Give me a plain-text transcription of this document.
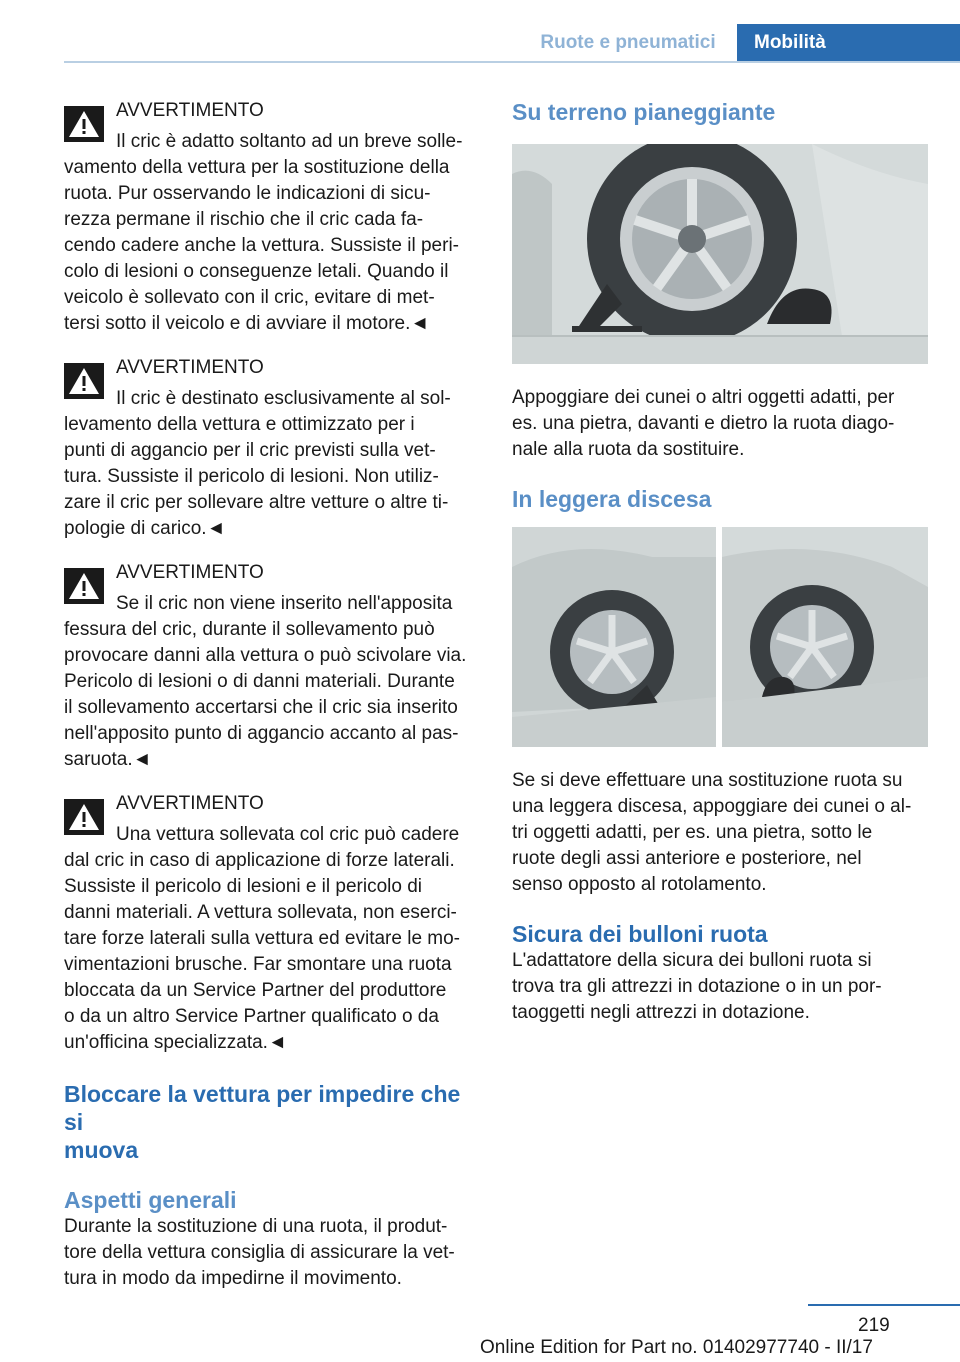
Ruote e pneumatici	Mobilità

AVVERTIMENTO

Il cric è adatto soltanto ad un breve solle-

vamento della vettura per la sostituzione della

ruota. Pur osservando le indicazioni di sicu-

rezza permane il rischio che il cric cada fa-

cendo cadere anche la vettura. Sussiste il peri-

colo di lesioni o conseguenze letali. Quando il

veicolo è sollevato con il cric, evitare di met-

tersi sotto il veicolo e di avviare il motore.◄

AVVERTIMENTO

Il cric è destinato esclusivamente al sol-

levamento della vettura e ottimizzato per i

punti di aggancio per il cric previsti sulla vet-

tura. Sussiste il pericolo di lesioni. Non utiliz-

zare il cric per sollevare altre vetture o altre ti-

pologie di carico.◄

AVVERTIMENTO

Se il cric non viene inserito nell'apposita

fessura del cric, durante il sollevamento può

provocare danni alla vettura o può scivolare via.

Pericolo di lesioni o di danni materiali. Durante

il sollevamento accertarsi che il cric sia inserito

nell'apposito punto di aggancio accanto al pas-

saruota.◄

AVVERTIMENTO

Una vettura sollevata col cric può cadere

dal cric in caso di applicazione di forze laterali.

Sussiste il pericolo di lesioni e il pericolo di

danni materiali. A vettura sollevata, non eserci-

tare forze laterali sulla vettura ed evitare le mo-

vimentazioni brusche. Far smontare una ruota

bloccata da un Service Partner del produttore

o da un altro Service Partner qualificato o da

un'officina specializzata.◄

Bloccare la vettura per impedire che si

muova

Aspetti generali

Durante la sostituzione di una ruota, il produt-

tore della vettura consiglia di assicurare la vet-

tura in modo da impedirne il movimento.

Su terreno pianeggiante

Appoggiare dei cunei o altri oggetti adatti, per

es. una pietra, davanti e dietro la ruota diago-

nale alla ruota da sostituire.

In leggera discesa

Se si deve effettuare una sostituzione ruota su

una leggera discesa, appoggiare dei cunei o al-

tri oggetti adatti, per es. una pietra, sotto le

ruote degli assi anteriore e posteriore, nel

senso opposto al rotolamento.

Sicura dei bulloni ruota

L'adattatore della sicura dei bulloni ruota si

trova tra gli attrezzi in dotazione o in un por-

taoggetti negli attrezzi in dotazione.

219
Online Edition for Part no. 01402977740 - II/17
